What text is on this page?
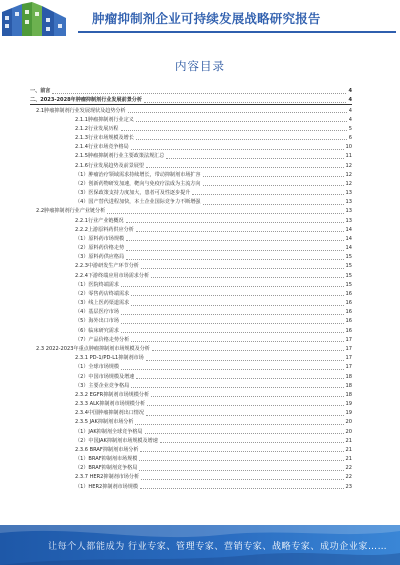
肿瘤抑制剂企业可持续发展战略研究报告
内容目录
一、前言	4
二、2023-2028年肿瘤抑制剂行业发展前景分析	4
2.1肿瘤抑制剂行业发展现状及趋势分析	4
2.1.1肿瘤抑制剂行业定义	4
2.1.2行业发展历程	5
2.1.3行业市场规模及增长	6
2.1.4行业市场竞争格局	10
2.1.5肿瘤抑制剂行业主要政策法规汇总	11
2.1.6行业发展趋势及前景展望	12
（1）肿瘤治疗领域需求持续增长，带动抑制剂市场扩容	12
（2）创新药物研发加速，靶向与免疫疗法成为主流方向	12
（3）医保政策支持力度加大，患者可及性逐步提升	13
（4）国产替代进程加快，本土企业国际竞争力不断增强	13
2.2肿瘤抑制剂行业产业链分析	13
2.2.1行业产业链概况	13
2.2.2上游原料药供应分析	14
（1）原料药市场规模	14
（2）原料药价格走势	14
（3）原料药供应格局	15
2.2.3中游研发生产环节分析	15
2.2.4下游终端应用市场需求分析	15
（1）医院终端需求	15
（2）零售药店终端需求	16
（3）线上医药渠道需求	16
（4）基层医疗市场	16
（5）海外出口市场	16
（6）临床研究需求	16
（7）产品价格走势分析	17
2.3 2022-2023年重点肿瘤抑制剂市场规模及分析	17
2.3.1 PD-1/PD-L1抑制剂市场	17
（1）全球市场规模	17
（2）中国市场规模及增速	18
（3）主要企业竞争格局	18
2.3.2 EGFR抑制剂市场规模分析	18
2.3.3 ALK抑制剂市场规模分析	19
2.3.4中国肿瘤抑制剂出口情况	19
2.3.5 JAK抑制剂市场分析	20
（1）JAK抑制剂全球竞争格局	20
（2）中国JAK抑制剂市场规模及增速	21
2.3.6 BRAF抑制剂市场分析	21
（1）BRAF抑制剂市场规模	21
（2）BRAF抑制剂竞争格局	22
2.3.7 HER2抑制剂市场分析	22
（1）HER2抑制剂市场规模	23
让每个人都能成为 行业专家、管理专家、营销专家、战略专家、成功企业家……
